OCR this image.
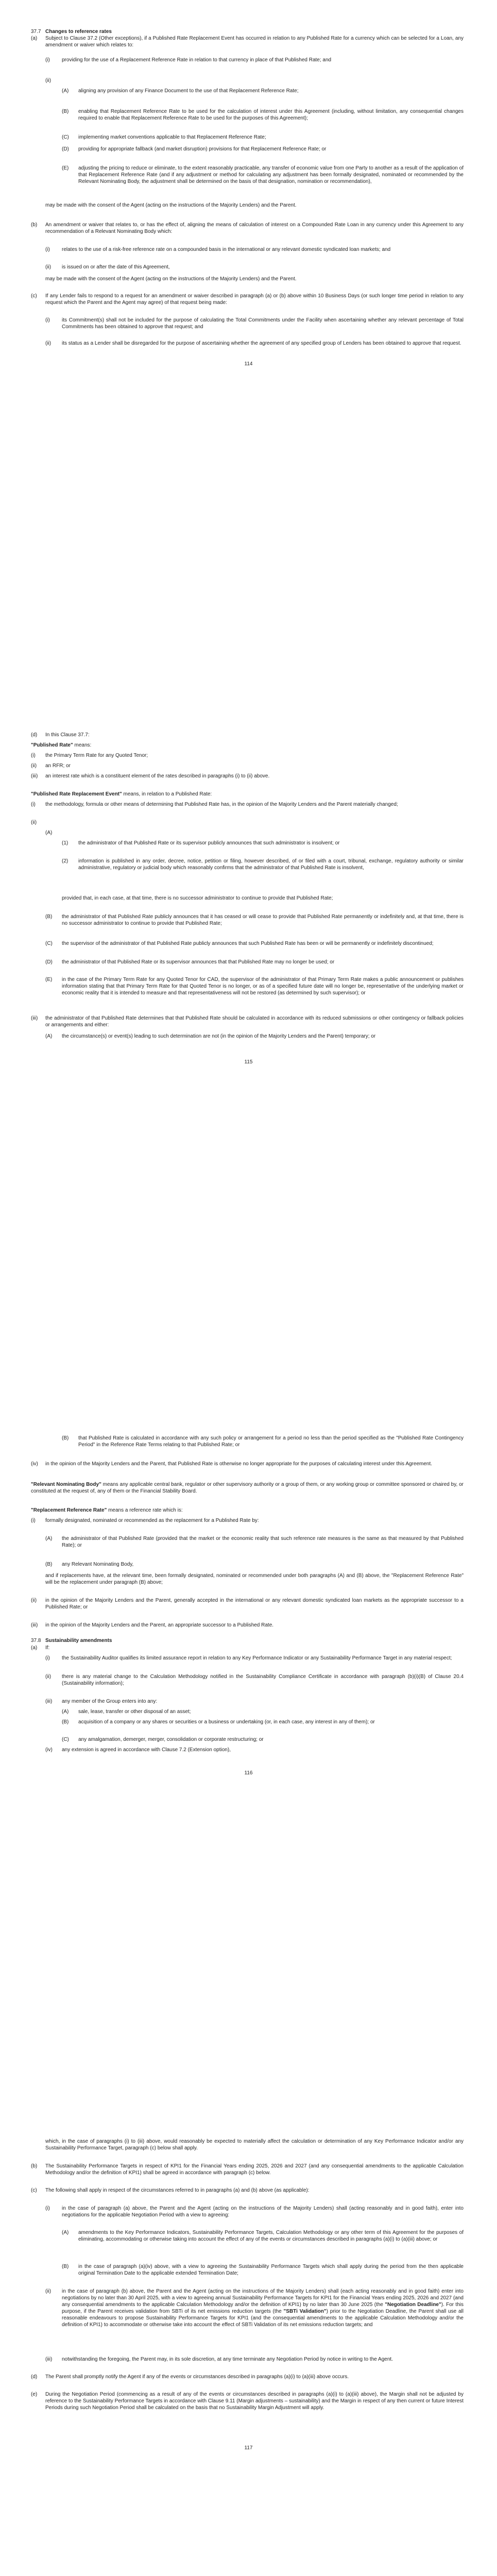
37.7 Changes to reference rates
(a) Subject to Clause 37.2 (Other exceptions), if a Published Rate Replacement Event has occurred in relation to any Published Rate for a currency which can be selected for a Loan, any amendment or waiver which relates to:
(i) providing for the use of a Replacement Reference Rate in relation to that currency in place of that Published Rate; and
(ii)
(A) aligning any provision of any Finance Document to the use of that Replacement Reference Rate;
(B) enabling that Replacement Reference Rate to be used for the calculation of interest under this Agreement (including, without limitation, any consequential changes required to enable that Replacement Reference Rate to be used for the purposes of this Agreement);
(C) implementing market conventions applicable to that Replacement Reference Rate;
(D) providing for appropriate fallback (and market disruption) provisions for that Replacement Reference Rate; or
(E) adjusting the pricing to reduce or eliminate, to the extent reasonably practicable, any transfer of economic value from one Party to another as a result of the application of that Replacement Reference Rate (and if any adjustment or method for calculating any adjustment has been formally designated, nominated or recommended by the Relevant Nominating Body, the adjustment shall be determined on the basis of that designation, nomination or recommendation),
may be made with the consent of the Agent (acting on the instructions of the Majority Lenders) and the Parent.
(b) An amendment or waiver that relates to, or has the effect of, aligning the means of calculation of interest on a Compounded Rate Loan in any currency under this Agreement to any recommendation of a Relevant Nominating Body which:
(i) relates to the use of a risk-free reference rate on a compounded basis in the international or any relevant domestic syndicated loan markets; and
(ii) is issued on or after the date of this Agreement,
may be made with the consent of the Agent (acting on the instructions of the Majority Lenders) and the Parent.
(c) If any Lender fails to respond to a request for an amendment or waiver described in paragraph (a) or (b) above within 10 Business Days (or such longer time period in relation to any request which the Parent and the Agent may agree) of that request being made:
(i) its Commitment(s) shall not be included for the purpose of calculating the Total Commitments under the Facility when ascertaining whether any relevant percentage of Total Commitments has been obtained to approve that request; and
(ii) its status as a Lender shall be disregarded for the purpose of ascertaining whether the agreement of any specified group of Lenders has been obtained to approve that request.
114
(d) In this Clause 37.7:
"Published Rate" means:
(i) the Primary Term Rate for any Quoted Tenor;
(ii) an RFR; or
(iii) an interest rate which is a constituent element of the rates described in paragraphs (i) to (ii) above.
"Published Rate Replacement Event" means, in relation to a Published Rate:
(i) the methodology, formula or other means of determining that Published Rate has, in the opinion of the Majority Lenders and the Parent materially changed;
(ii)
(A)
(1) the administrator of that Published Rate or its supervisor publicly announces that such administrator is insolvent; or
(2) information is published in any order, decree, notice, petition or filing, however described, of or filed with a court, tribunal, exchange, regulatory authority or similar administrative, regulatory or judicial body which reasonably confirms that the administrator of that Published Rate is insolvent,
provided that, in each case, at that time, there is no successor administrator to continue to provide that Published Rate;
(B) the administrator of that Published Rate publicly announces that it has ceased or will cease to provide that Published Rate permanently or indefinitely and, at that time, there is no successor administrator to continue to provide that Published Rate;
(C) the supervisor of the administrator of that Published Rate publicly announces that such Published Rate has been or will be permanently or indefinitely discontinued;
(D) the administrator of that Published Rate or its supervisor announces that that Published Rate may no longer be used; or
(E) in the case of the Primary Term Rate for any Quoted Tenor for CAD, the supervisor of the administrator of that Primary Term Rate makes a public announcement or publishes information stating that that Primary Term Rate for that Quoted Tenor is no longer, or as of a specified future date will no longer be, representative of the underlying market or economic reality that it is intended to measure and that representativeness will not be restored (as determined by such supervisor); or
(iii) the administrator of that Published Rate determines that that Published Rate should be calculated in accordance with its reduced submissions or other contingency or fallback policies or arrangements and either:
(A) the circumstance(s) or event(s) leading to such determination are not (in the opinion of the Majority Lenders and the Parent) temporary; or
115
(B) that Published Rate is calculated in accordance with any such policy or arrangement for a period no less than the period specified as the "Published Rate Contingency Period" in the Reference Rate Terms relating to that Published Rate; or
(iv) in the opinion of the Majority Lenders and the Parent, that Published Rate is otherwise no longer appropriate for the purposes of calculating interest under this Agreement.
"Relevant Nominating Body" means any applicable central bank, regulator or other supervisory authority or a group of them, or any working group or committee sponsored or chaired by, or constituted at the request of, any of them or the Financial Stability Board.
"Replacement Reference Rate" means a reference rate which is:
(i) formally designated, nominated or recommended as the replacement for a Published Rate by:
(A) the administrator of that Published Rate (provided that the market or the economic reality that such reference rate measures is the same as that measured by that Published Rate); or
(B) any Relevant Nominating Body,
and if replacements have, at the relevant time, been formally designated, nominated or recommended under both paragraphs (A) and (B) above, the "Replacement Reference Rate" will be the replacement under paragraph (B) above;
(ii) in the opinion of the Majority Lenders and the Parent, generally accepted in the international or any relevant domestic syndicated loan markets as the appropriate successor to a Published Rate; or
(iii) in the opinion of the Majority Lenders and the Parent, an appropriate successor to a Published Rate.
37.8 Sustainability amendments
(a) If:
(i) the Sustainability Auditor qualifies its limited assurance report in relation to any Key Performance Indicator or any Sustainability Performance Target in any material respect;
(ii) there is any material change to the Calculation Methodology notified in the Sustainability Compliance Certificate in accordance with paragraph (b)(i)(B) of Clause 20.4 (Sustainability information);
(iii) any member of the Group enters into any:
(A) sale, lease, transfer or other disposal of an asset;
(B) acquisition of a company or any shares or securities or a business or undertaking (or, in each case, any interest in any of them); or
(C) any amalgamation, demerger, merger, consolidation or corporate restructuring; or
(iv) any extension is agreed in accordance with Clause 7.2 (Extension option),
116
which, in the case of paragraphs (i) to (iii) above, would reasonably be expected to materially affect the calculation or determination of any Key Performance Indicator and/or any Sustainability Performance Target, paragraph (c) below shall apply.
(b) The Sustainability Performance Targets in respect of KPI1 for the Financial Years ending 2025, 2026 and 2027 (and any consequential amendments to the applicable Calculation Methodology and/or the definition of KPI1) shall be agreed in accordance with paragraph (c) below.
(c) The following shall apply in respect of the circumstances referred to in paragraphs (a) and (b) above (as applicable):
(i) in the case of paragraph (a) above, the Parent and the Agent (acting on the instructions of the Majority Lenders) shall (acting reasonably and in good faith), enter into negotiations for the applicable Negotiation Period with a view to agreeing:
(A) amendments to the Key Performance Indicators, Sustainability Performance Targets, Calculation Methodology or any other term of this Agreement for the purposes of eliminating, accommodating or otherwise taking into account the effect of any of the events or circumstances described in paragraphs (a)(i) to (a)(iii) above; or
(B) in the case of paragraph (a)(iv) above, with a view to agreeing the Sustainability Performance Targets which shall apply during the period from the then applicable original Termination Date to the applicable extended Termination Date;
(ii) in the case of paragraph (b) above, the Parent and the Agent (acting on the instructions of the Majority Lenders) shall (each acting reasonably and in good faith) enter into negotiations by no later than 30 April 2025, with a view to agreeing annual Sustainability Performance Targets for KPI1 for the Financial Years ending 2025, 2026 and 2027 (and any consequential amendments to the applicable Calculation Methodology and/or the definition of KPI1) by no later than 30 June 2025 (the "Negotiation Deadline"). For this purpose, if the Parent receives validation from SBTi of its net emissions reduction targets (the "SBTi Validation") prior to the Negotiation Deadline, the Parent shall use all reasonable endeavours to propose Sustainability Performance Targets for KPI1 (and the consequential amendments to the applicable Calculation Methodology and/or the definition of KPI1) to accommodate or otherwise take into account the effect of SBTi Validation of its net emissions reduction targets; and
(iii) notwithstanding the foregoing, the Parent may, in its sole discretion, at any time terminate any Negotiation Period by notice in writing to the Agent.
(d) The Parent shall promptly notify the Agent if any of the events or circumstances described in paragraphs (a)(i) to (a)(iii) above occurs.
(e) During the Negotiation Period (commencing as a result of any of the events or circumstances described in paragraphs (a)(i) to (a)(iii) above), the Margin shall not be adjusted by reference to the Sustainability Performance Targets in accordance with Clause 9.11 (Margin adjustments – sustainability) and the Margin in respect of any then current or future Interest Periods during such Negotiation Period shall be calculated on the basis that no Sustainability Margin Adjustment will apply.
117
